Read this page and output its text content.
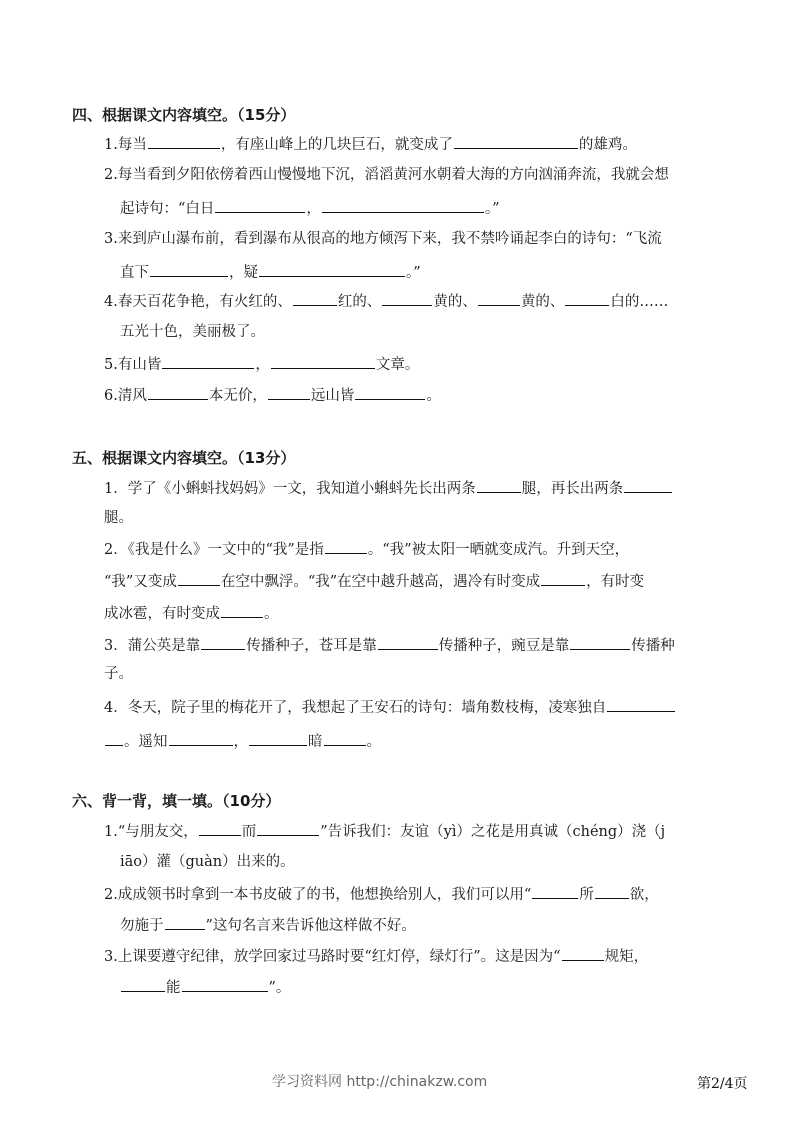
四、根据课文内容填空。（15分）
1.每当	，有座山峰上的几块巨石，就变成了	的雄鸡。
2.每当看到夕阳依傍着西山慢慢地下沉，滔滔黄河水朝着大海的方向汹涌奔流，我就会想
起诗句：“白日	，	。”
3.来到庐山瀑布前，看到瀑布从很高的地方倾泻下来，我不禁吟诵起李白的诗句：“飞流
直下	，疑	。”
4.春天百花争艳，有火红的、	红的、	黄的、	黄的、	白的……
五光十色，美丽极了。
5.有山皆	，	文章。
6.清风	本无价，	远山皆	。
五、根据课文内容填空。（13分）
1．学了《小蝌蚪找妈妈》一文，我知道小蝌蚪先长出两条	腿，再长出两条
腿。
2．《我是什么》一文中的“我”是指	。“我”被太阳一晒就变成汽。升到天空，
“我”又变成	在空中飘浮。“我”在空中越升越高，遇冷有时变成	，有时变
成冰雹，有时变成	。
3．蒲公英是靠	传播种子，苍耳是靠	传播种子，豌豆是靠	传播种
子。
4．冬天，院子里的梅花开了，我想起了王安石的诗句：墙角数枝梅，凌寒独自
。遥知	，	暗	。
六、背一背，填一填。（10分）
1.“与朋友交，	而	”告诉我们：友谊（yì）之花是用真诚（chéng）浇（j
iāo）灌（guàn）出来的。
2.成成领书时拿到一本书皮破了的书，他想换给别人，我们可以用“	所 欲，
勿施于	”这句名言来告诉他这样做不好。
3.上课要遵守纪律，放学回家过马路时要“红灯停，绿灯行”。这是因为“	规矩，
能	”。
学习资料网 http://chinakzw.com	第2/4页
